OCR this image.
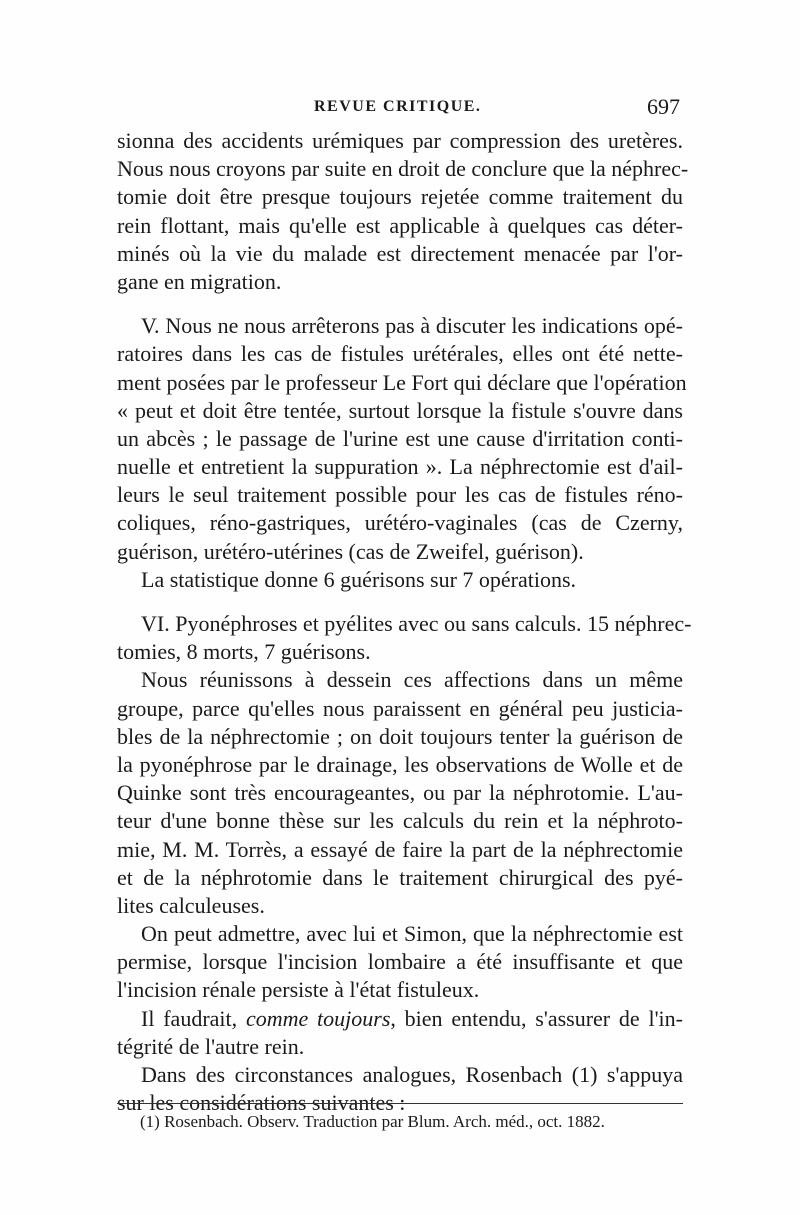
REVUE CRITIQUE.	697
sionna des accidents urémiques par compression des uretères.
Nous nous croyons par suite en droit de conclure que la néphrec-
tomie doit être presque toujours rejetée comme traitement du
rein flottant, mais qu'elle est applicable à quelques cas déter-
minés où la vie du malade est directement menacée par l'or-
gane en migration.
V. Nous ne nous arrêterons pas à discuter les indications opé-
ratoires dans les cas de fistules urétérales, elles ont été nette-
ment posées par le professeur Le Fort qui déclare que l'opération
« peut et doit être tentée, surtout lorsque la fistule s'ouvre dans
un abcès ; le passage de l'urine est une cause d'irritation conti-
nuelle et entretient la suppuration ». La néphrectomie est d'ail-
leurs le seul traitement possible pour les cas de fistules réno-
coliques, réno-gastriques, urétéro-vaginales (cas de Czerny,
guérison, urétéro-utérines (cas de Zweifel, guérison).
La statistique donne 6 guérisons sur 7 opérations.
VI. Pyonéphroses et pyélites avec ou sans calculs. 15 néphrec-
tomies, 8 morts, 7 guérisons.
Nous réunissons à dessein ces affections dans un même
groupe, parce qu'elles nous paraissent en général peu justicia-
bles de la néphrectomie ; on doit toujours tenter la guérison de
la pyonéphrose par le drainage, les observations de Wolle et de
Quinke sont très encourageantes, ou par la néphrotomie. L'au-
teur d'une bonne thèse sur les calculs du rein et la néphroto-
mie, M. M. Torrès, a essayé de faire la part de la néphrectomie
et de la néphrotomie dans le traitement chirurgical des pyé-
lites calculeuses.
On peut admettre, avec lui et Simon, que la néphrectomie est
permise, lorsque l'incision lombaire a été insuffisante et que
l'incision rénale persiste à l'état fistuleux.
Il faudrait, comme toujours, bien entendu, s'assurer de l'in-
tégrité de l'autre rein.
Dans des circonstances analogues, Rosenbach (1) s'appuya
sur les considérations suivantes :
(1) Rosenbach. Observ. Traduction par Blum. Arch. méd., oct. 1882.
